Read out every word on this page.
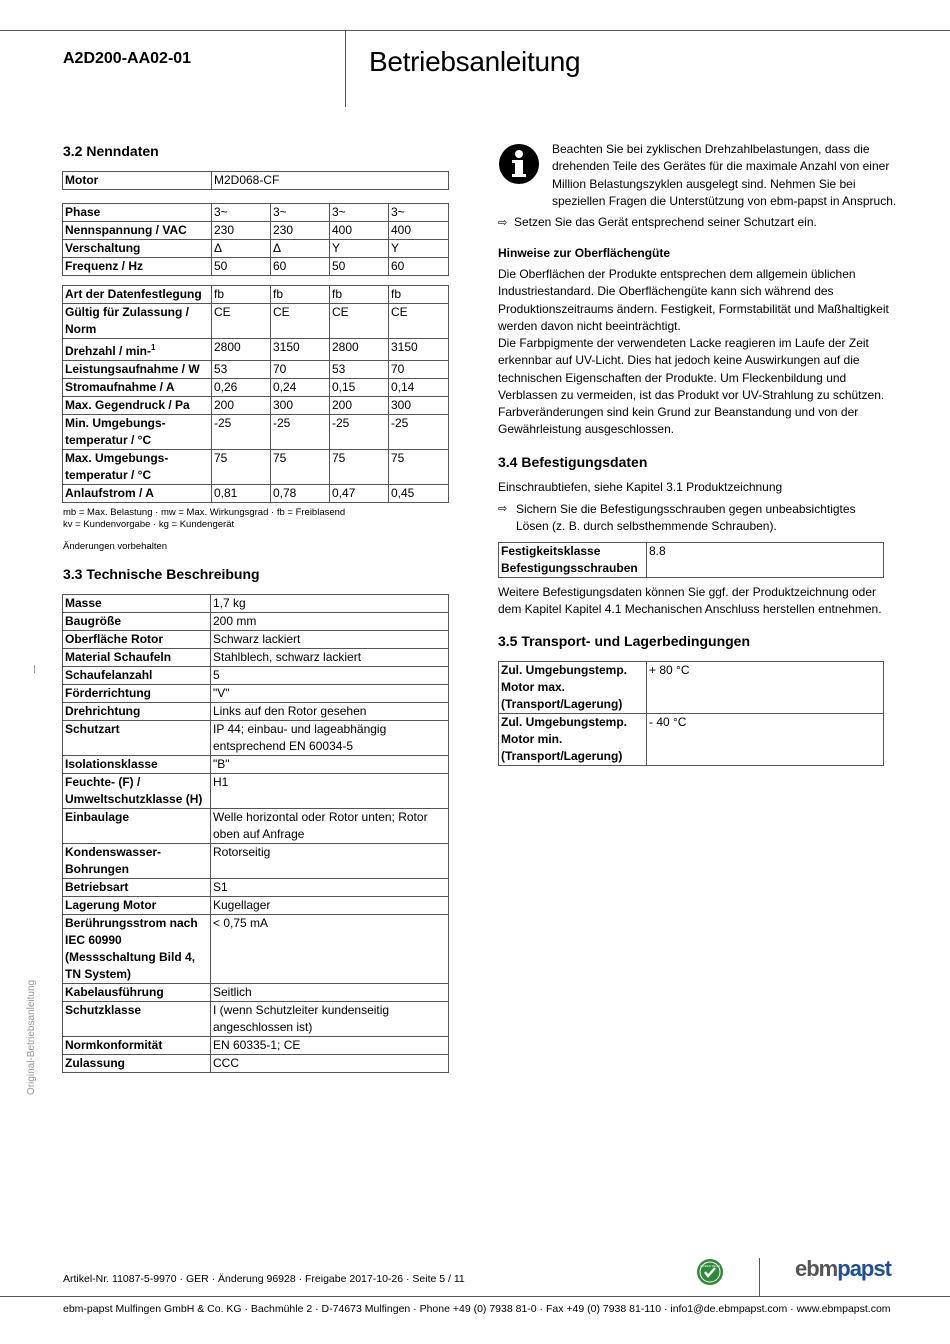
A2D200-AA02-01	Betriebsanleitung
3.2 Nenndaten
Motor	M2D068-CF
Phase	3~	3~	3~	3~
Nennspannung / VAC	230	230	400	400
Verschaltung	Δ	Δ	Y	Y
Frequenz / Hz	50	60	50	60
Art der Datenfestlegung	fb	fb	fb	fb
Gültig für Zulassung / Norm	CE	CE	CE	CE
Drehzahl / min-$^1$	2800	3150	2800	3150
Leistungsaufnahme / W	53	70	53	70
Stromaufnahme / A	0,26	0,24	0,15	0,14
Max. Gegendruck / Pa	200	300	200	300
Min. Umgebungs-temperatur / °C	-25	-25	-25	-25
Max. Umgebungs-temperatur / °C	75	75	75	75
Anlaufstrom / A	0,81	0,78	0,47	0,45
mb = Max. Belastung · mw = Max. Wirkungsgrad · fb = Freiblasend
kv = Kundenvorgabe · kg = Kundengerät
Änderungen vorbehalten
3.3 Technische Beschreibung
Masse	1,7 kg
Baugröße	200 mm
Oberfläche Rotor	Schwarz lackiert
Material Schaufeln	Stahlblech, schwarz lackiert
Schaufelanzahl	5
Förderrichtung	"V"
Drehrichtung	Links auf den Rotor gesehen
Schutzart	IP 44; einbau- und lageabhängig entsprechend EN 60034-5
Isolationsklasse	"B"
Feuchte- (F) / Umweltschutzklasse (H)	H1
Einbaulage	Welle horizontal oder Rotor unten; Rotor oben auf Anfrage
Kondenswasser-Bohrungen	Rotorseitig
Betriebsart	S1
Lagerung Motor	Kugellager
Berührungsstrom nach IEC 60990 (Messschaltung Bild 4, TN System)	< 0,75 mA
Kabelausführung	Seitlich
Schutzklasse	I (wenn Schutzleiter kundenseitig angeschlossen ist)
Normkonformität	EN 60335-1; CE
Zulassung	CCC
Beachten Sie bei zyklischen Drehzahlbelastungen, dass die drehenden Teile des Gerätes für die maximale Anzahl von einer Million Belastungszyklen ausgelegt sind. Nehmen Sie bei speziellen Fragen die Unterstützung von ebm-papst in Anspruch.
⇨ Setzen Sie das Gerät entsprechend seiner Schutzart ein.
Hinweise zur Oberflächengüte
Die Oberflächen der Produkte entsprechen dem allgemein üblichen Industriestandard. Die Oberflächengüte kann sich während des Produktionszeitraums ändern. Festigkeit, Formstabilität und Maßhaltigkeit werden davon nicht beeinträchtigt.
Die Farbpigmente der verwendeten Lacke reagieren im Laufe der Zeit erkennbar auf UV-Licht. Dies hat jedoch keine Auswirkungen auf die technischen Eigenschaften der Produkte. Um Fleckenbildung und Verblassen zu vermeiden, ist das Produkt vor UV-Strahlung zu schützen. Farbveränderungen sind kein Grund zur Beanstandung und von der Gewährleistung ausgeschlossen.
3.4 Befestigungsdaten
Einschraubtiefen, siehe Kapitel 3.1 Produktzeichnung
⇨ Sichern Sie die Befestigungsschrauben gegen unbeabsichtigtes Lösen (z. B. durch selbsthemmende Schrauben).
Festigkeitsklasse Befestigungsschrauben	8.8
Weitere Befestigungsdaten können Sie ggf. der Produktzeichnung oder dem Kapitel Kapitel 4.1 Mechanischen Anschluss herstellen entnehmen.
3.5 Transport- und Lagerbedingungen
Zul. Umgebungstemp. Motor max. (Transport/Lagerung)	+ 80 °C
Zul. Umgebungstemp. Motor min. (Transport/Lagerung)	- 40 °C
Original-Betriebsanleitung
Artikel-Nr. 11087-5-9970 · GER · Änderung 96928 · Freigabe 2017-10-26 · Seite 5 / 11
GREEN TECH	ebmpapst
ebm-papst Mulfingen GmbH & Co. KG · Bachmühle 2 · D-74673 Mulfingen · Phone +49 (0) 7938 81-0 · Fax +49 (0) 7938 81-110 · info1@de.ebmpapst.com · www.ebmpapst.com
